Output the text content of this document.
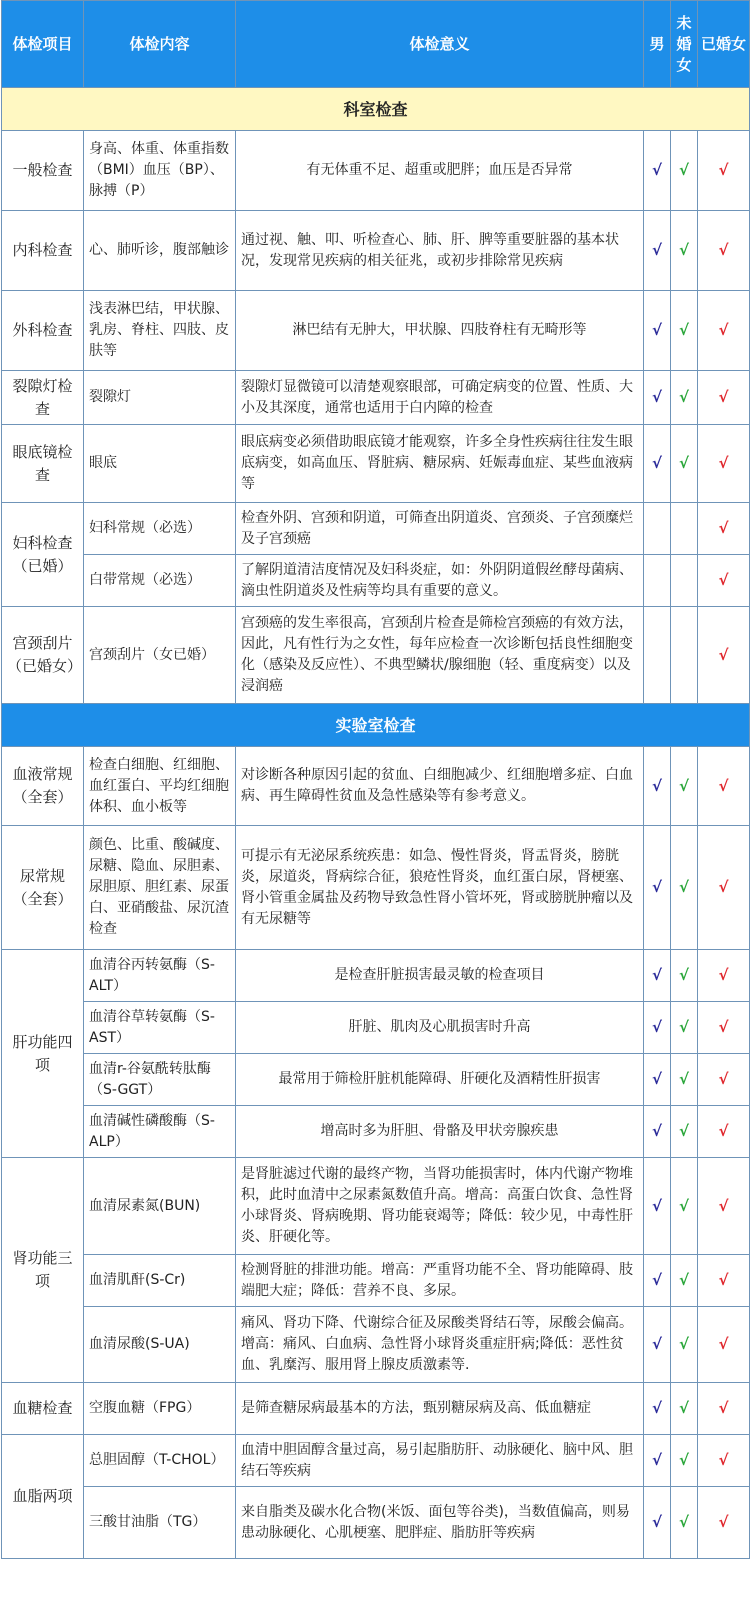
体检项目	体检内容	体检意义	男	未婚女	已婚女
科室检查					
一般检查	身高、体重、体重指数（BMI）血压（BP）、脉搏（P）	有无体重不足、超重或肥胖；血压是否异常	√	√	√
内科检查	心、肺听诊，腹部触诊	通过视、触、叩、听检查心、肺、肝、脾等重要脏器的基本状况，发现常见疾病的相关征兆，或初步排除常见疾病	√	√	√
外科检查	浅表淋巴结，甲状腺、乳房、脊柱、四肢、皮肤等	淋巴结有无肿大，甲状腺、四肢脊柱有无畸形等	√	√	√
裂隙灯检查	裂隙灯	裂隙灯显微镜可以清楚观察眼部，可确定病变的位置、性质、大小及其深度，通常也适用于白内障的检查	√	√	√
眼底镜检查	眼底	眼底病变必须借助眼底镜才能观察，许多全身性疾病往往发生眼底病变，如高血压、肾脏病、糖尿病、妊娠毒血症、某些血液病等	√	√	√
妇科检查（已婚）	妇科常规（必选）	检查外阴、宫颈和阴道，可筛查出阴道炎、宫颈炎、子宫颈糜烂及子宫颈癌			√
	白带常规（必选）	了解阴道清洁度情况及妇科炎症，如：外阴阴道假丝酵母菌病、滴虫性阴道炎及性病等均具有重要的意义。			√
宫颈刮片（已婚女）	宫颈刮片（女已婚）	宫颈癌的发生率很高，宫颈刮片检查是筛检宫颈癌的有效方法，因此，凡有性行为之女性，每年应检查一次诊断包括良性细胞变化（感染及反应性）、不典型鳞状/腺细胞（轻、重度病变）以及浸润癌			√
实验室检查					
血液常规（全套）	检查白细胞、红细胞、血红蛋白、平均红细胞体积、血小板等	对诊断各种原因引起的贫血、白细胞减少、红细胞增多症、白血病、再生障碍性贫血及急性感染等有参考意义。	√	√	√
尿常规（全套）	颜色、比重、酸碱度、尿糖、隐血、尿胆素、尿胆原、胆红素、尿蛋白、亚硝酸盐、尿沉渣检查	可提示有无泌尿系统疾患：如急、慢性肾炎，肾盂肾炎，膀胱炎，尿道炎，肾病综合征，狼疮性肾炎，血红蛋白尿，肾梗塞、肾小管重金属盐及药物导致急性肾小管坏死，肾或膀胱肿瘤以及有无尿糖等	√	√	√
肝功能四项	血清谷丙转氨酶（S-ALT）	是检查肝脏损害最灵敏的检查项目	√	√	√
	血清谷草转氨酶（S-AST）	肝脏、肌肉及心肌损害时升高	√	√	√
	血清r-谷氨酰转肽酶（S-GGT）	最常用于筛检肝脏机能障碍、肝硬化及酒精性肝损害	√	√	√
	血清碱性磷酸酶（S-ALP）	增高时多为肝胆、骨骼及甲状旁腺疾患	√	√	√
肾功能三项	血清尿素氮(BUN)	是肾脏滤过代谢的最终产物，当肾功能损害时，体内代谢产物堆积，此时血清中之尿素氮数值升高。增高：高蛋白饮食、急性肾小球肾炎、肾病晚期、肾功能衰竭等；降低：较少见，中毒性肝炎、肝硬化等。	√	√	√
	血清肌酐(S-Cr)	检测肾脏的排泄功能。增高：严重肾功能不全、肾功能障碍、肢端肥大症；降低：营养不良、多尿。	√	√	√
	血清尿酸(S-UA)	痛风、肾功下降、代谢综合征及尿酸类肾结石等，尿酸会偏高。增高：痛风、白血病、急性肾小球肾炎重症肝病;降低：恶性贫血、乳糜泻、服用肾上腺皮质激素等.	√	√	√
血糖检查	空腹血糖（FPG）	是筛查糖尿病最基本的方法，甄别糖尿病及高、低血糖症	√	√	√
血脂两项	总胆固醇（T-CHOL）	血清中胆固醇含量过高，易引起脂肪肝、动脉硬化、脑中风、胆结石等疾病	√	√	√
	三酸甘油脂（TG）	来自脂类及碳水化合物(米饭、面包等谷类)，当数值偏高，则易患动脉硬化、心肌梗塞、肥胖症、脂肪肝等疾病	√	√	√
